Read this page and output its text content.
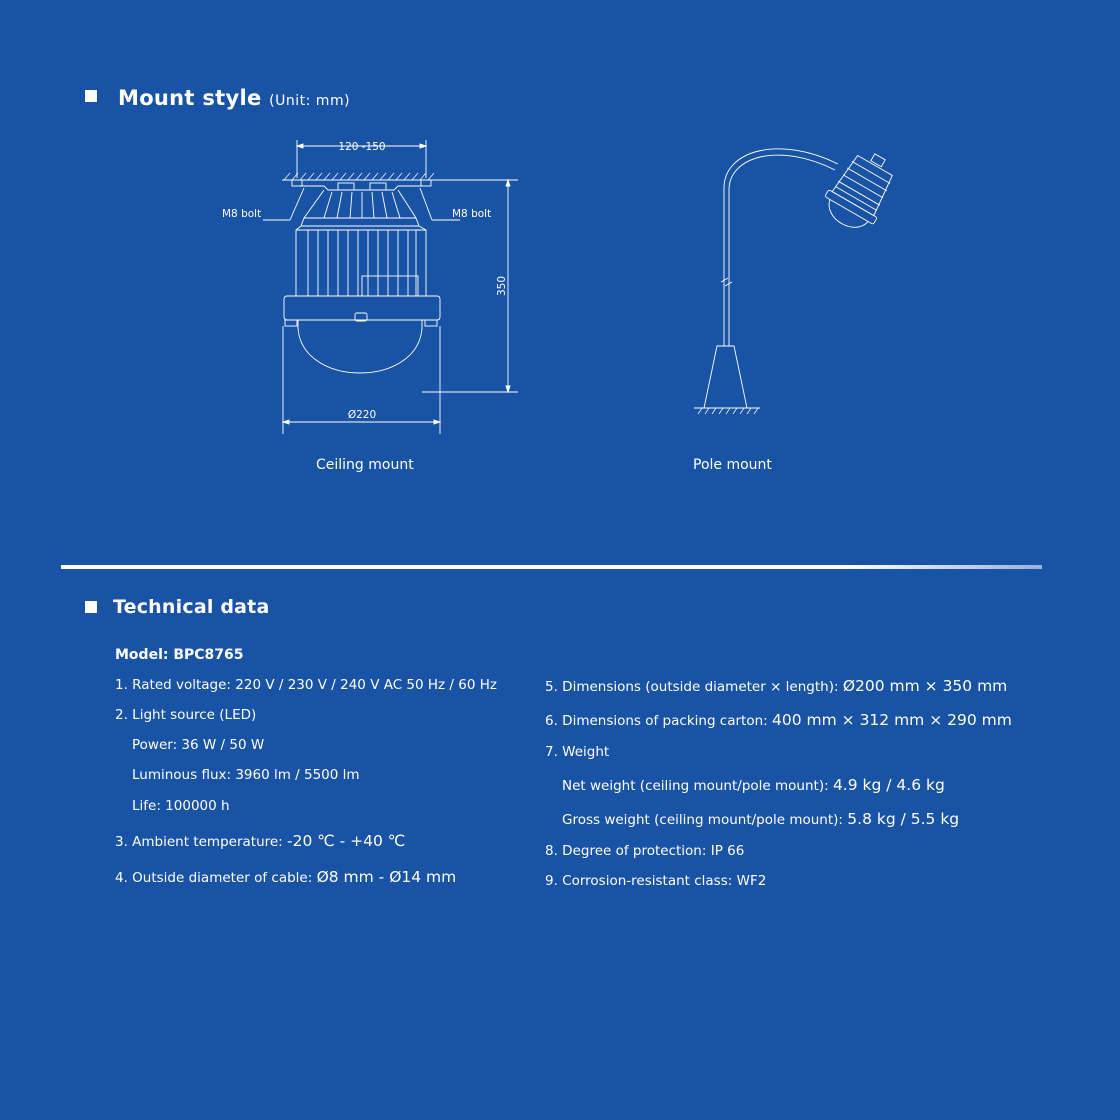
Mount style (Unit: mm)
120 -150
M8 bolt	M8 bolt
350
Ø220
Ceiling mount	Pole mount
Technical data
Model: BPC8765
1. Rated voltage: 220 V / 230 V / 240 V AC 50 Hz / 60 Hz
2. Light source (LED)
Power: 36 W / 50 W
Luminous flux: 3960 lm / 5500 lm
Life: 100000 h
3. Ambient temperature: -20 ℃ - +40 ℃
4. Outside diameter of cable: Ø8 mm - Ø14 mm
5. Dimensions (outside diameter × length): Ø200 mm × 350 mm
6. Dimensions of packing carton: 400 mm × 312 mm × 290 mm
7. Weight
Net weight (ceiling mount/pole mount): 4.9 kg / 4.6 kg
Gross weight (ceiling mount/pole mount): 5.8 kg / 5.5 kg
8. Degree of protection: IP 66
9. Corrosion-resistant class: WF2
